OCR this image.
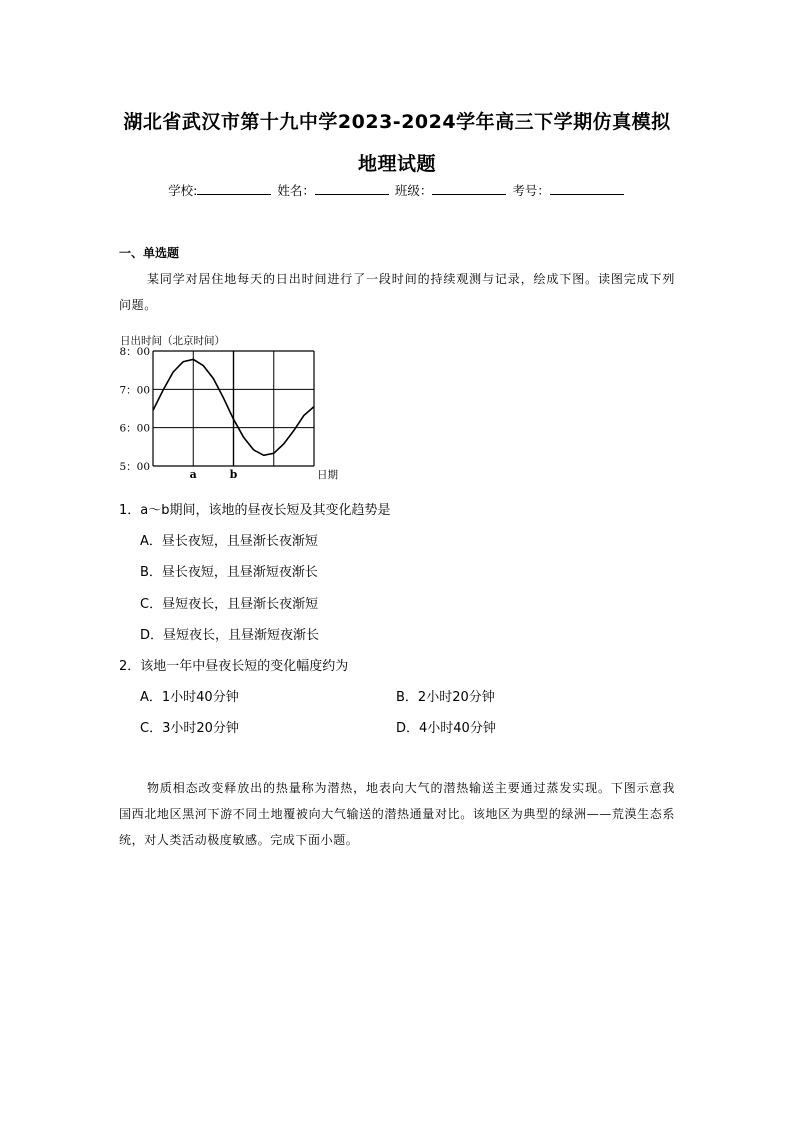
湖北省武汉市第十九中学2023-2024学年高三下学期仿真模拟
地理试题
学校:	姓名：	班级：	考号：
一、单选题

某同学对居住地每天的日出时间进行了一段时间的持续观测与记录，绘成下图。读图完成下列问题。

日出时间（北京时间）
8：00
7：00
6：00
5：00
a	b	日期
1．a～b期间，该地的昼夜长短及其变化趋势是
A．昼长夜短，且昼渐长夜渐短
B．昼长夜短，且昼渐短夜渐长
C．昼短夜长，且昼渐长夜渐短
D．昼短夜长，且昼渐短夜渐长
2．该地一年中昼夜长短的变化幅度约为
A．1小时40分钟	B．2小时20分钟
C．3小时20分钟	D．4小时40分钟

物质相态改变释放出的热量称为潜热，地表向大气的潜热输送主要通过蒸发实现。下图示意我国西北地区黑河下游不同土地覆被向大气输送的潜热通量对比。该地区为典型的绿洲——荒漠生态系统，对人类活动极度敏感。完成下面小题。
